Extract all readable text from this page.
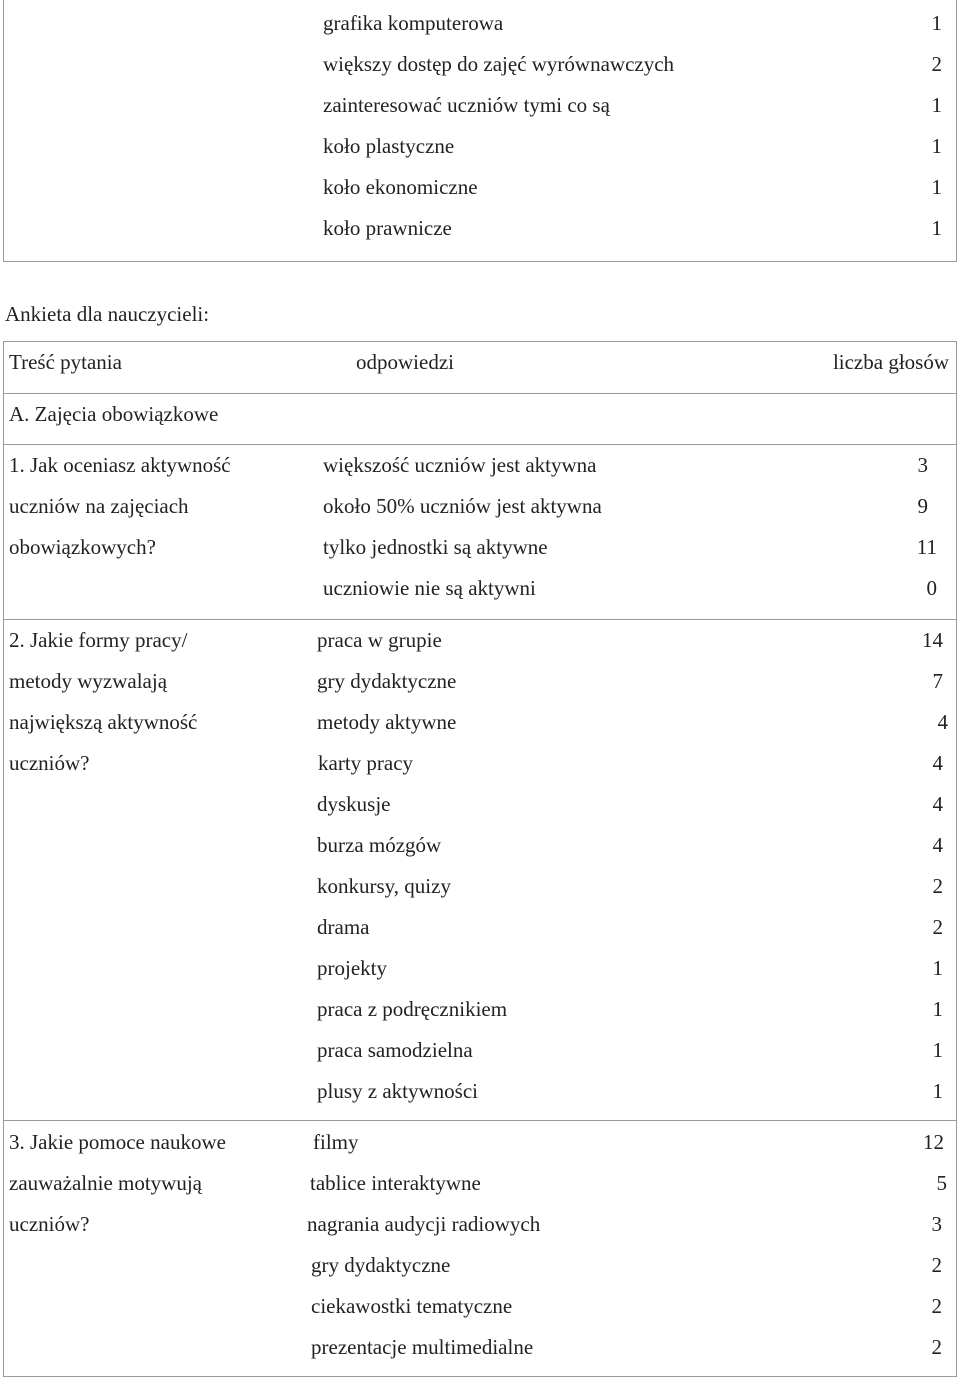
grafika komputerowa	1
większy dostęp do zajęć wyrównawczych	2
zainteresować uczniów tymi co są	1
koło plastyczne	1
koło ekonomiczne	1
koło prawnicze	1
Ankieta dla nauczycieli:
Treść pytania	odpowiedzi	liczba głosów
A. Zajęcia obowiązkowe
1. Jak oceniasz aktywność
uczniów na zajęciach
obowiązkowych?
większość uczniów jest aktywna	3
około 50% uczniów jest aktywna	9
tylko jednostki są aktywne	11
uczniowie nie są aktywni	0
2. Jakie formy pracy/
metody wyzwalają
największą aktywność
uczniów?
praca w grupie	14
gry dydaktyczne	7
metody aktywne	4
karty pracy	4
dyskusje	4
burza mózgów	4
konkursy, quizy	2
drama	2
projekty	1
praca z podręcznikiem	1
praca samodzielna	1
plusy z aktywności	1
3. Jakie pomoce naukowe
zauważalnie motywują
uczniów?
filmy	12
tablice interaktywne	5
nagrania audycji radiowych	3
gry dydaktyczne	2
ciekawostki tematyczne	2
prezentacje multimedialne	2
